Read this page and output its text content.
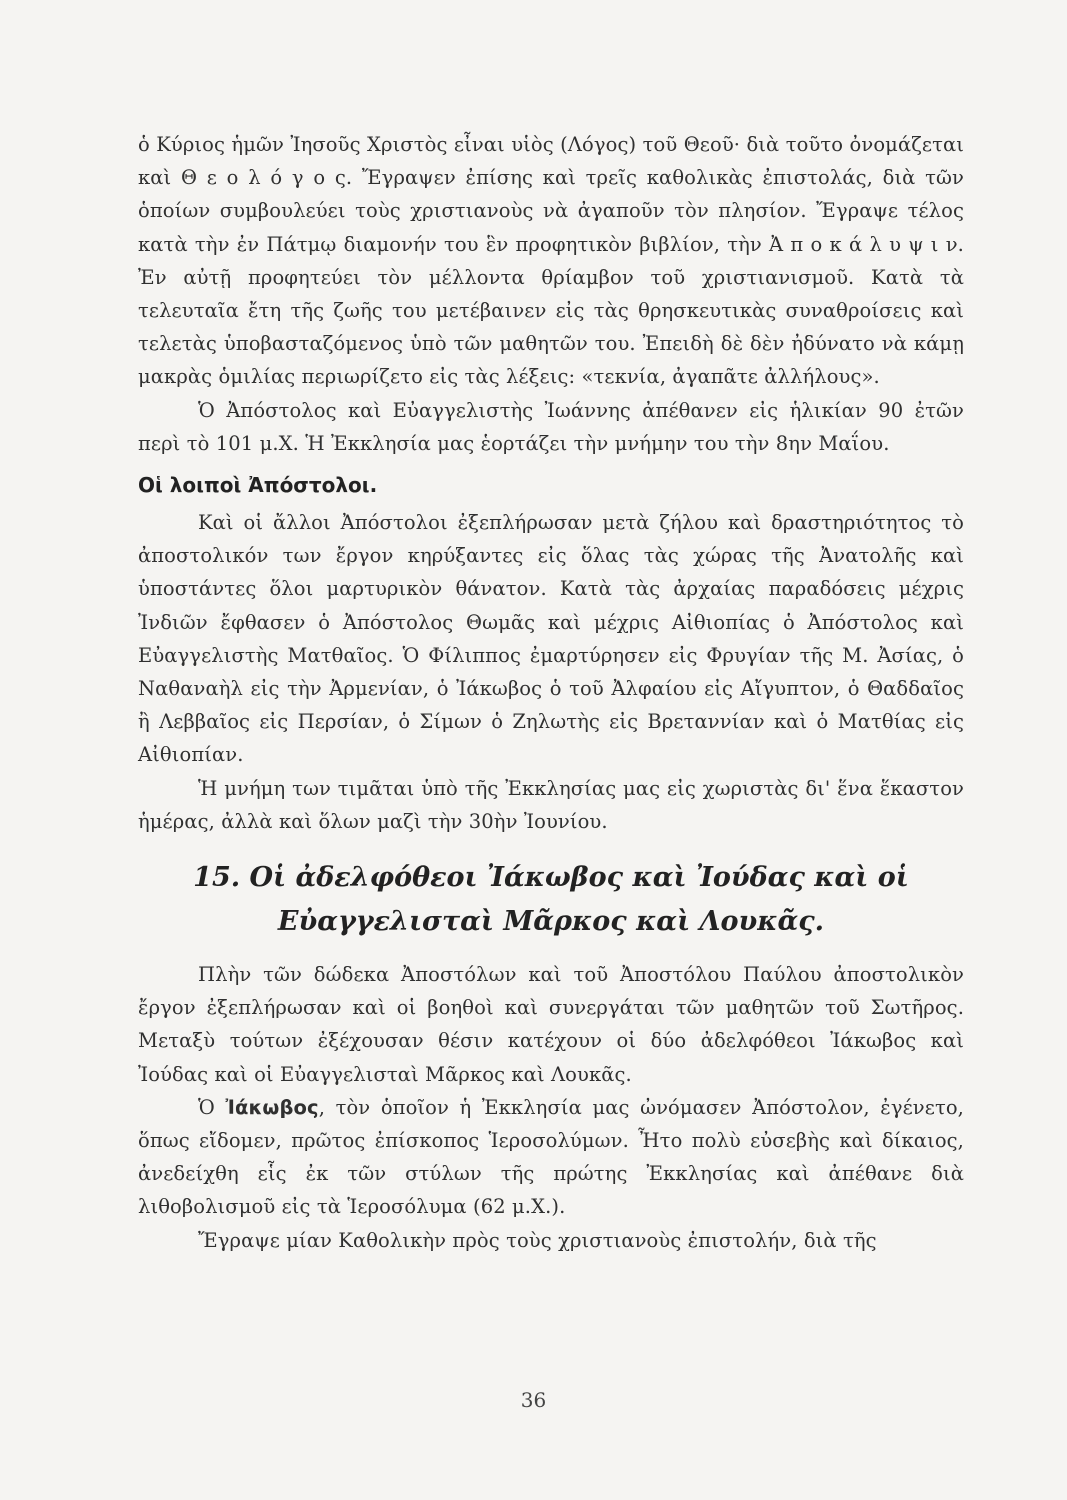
ὁ Κύριος ἡμῶν Ἰησοῦς Χριστὸς εἶναι υἱὸς (Λόγος) τοῦ Θεοῦ· διὰ τοῦτο ὀνομάζεται καὶ Θ ε ο λ ό γ ο ς. Ἔγραψεν ἐπίσης καὶ τρεῖς καθολικὰς ἐπιστολάς, διὰ τῶν ὁποίων συμβουλεύει τοὺς χριστιανοὺς νὰ ἀγαποῦν τὸν πλησίον. Ἔγραψε τέλος κατὰ τὴν ἐν Πάτμῳ διαμονήν του ἓν προφητικὸν βιβλίον, τὴν Ἀ π ο κ ά λ υ ψ ι ν. Ἐν αὐτῇ προφητεύει τὸν μέλλοντα θρίαμβον τοῦ χριστιανισμοῦ. Κατὰ τὰ τελευταῖα ἔτη τῆς ζωῆς του μετέβαινεν εἰς τὰς θρησκευτικὰς συναθροίσεις καὶ τελετὰς ὑποβασταζόμενος ὑπὸ τῶν μαθητῶν του. Ἐπειδὴ δὲ δὲν ἠδύνατο νὰ κάμῃ μακρὰς ὁμιλίας περιωρίζετο εἰς τὰς λέξεις: «τεκνία, ἀγαπᾶτε ἀλλήλους».

Ὁ Ἀπόστολος καὶ Εὐαγγελιστὴς Ἰωάννης ἀπέθανεν εἰς ἡλικίαν 90 ἐτῶν περὶ τὸ 101 μ.Χ. Ἡ Ἐκκλησία μας ἑορτάζει τὴν μνήμην του τὴν 8ην Μαΐου.

Οἱ λοιποὶ Ἀπόστολοι.

Καὶ οἱ ἄλλοι Ἀπόστολοι ἐξεπλήρωσαν μετὰ ζήλου καὶ δραστηριότητος τὸ ἀποστολικόν των ἔργον κηρύξαντες εἰς ὅλας τὰς χώρας τῆς Ἀνατολῆς καὶ ὑποστάντες ὅλοι μαρτυρικὸν θάνατον. Κατὰ τὰς ἀρχαίας παραδόσεις μέχρις Ἰνδιῶν ἔφθασεν ὁ Ἀπόστολος Θωμᾶς καὶ μέχρις Αἰθιοπίας ὁ Ἀπόστολος καὶ Εὐαγγελιστὴς Ματθαῖος. Ὁ Φίλιππος ἐμαρτύρησεν εἰς Φρυγίαν τῆς Μ. Ἀσίας, ὁ Ναθαναὴλ εἰς τὴν Ἀρμενίαν, ὁ Ἰάκωβος ὁ τοῦ Ἀλφαίου εἰς Αἴγυπτον, ὁ Θαδδαῖος ἢ Λεββαῖος εἰς Περσίαν, ὁ Σίμων ὁ Ζηλωτὴς εἰς Βρεταννίαν καὶ ὁ Ματθίας εἰς Αἰθιοπίαν.

Ἡ μνήμη των τιμᾶται ὑπὸ τῆς Ἐκκλησίας μας εἰς χωριστὰς δι' ἕνα ἕκαστον ἡμέρας, ἀλλὰ καὶ ὅλων μαζὶ τὴν 30ὴν Ἰουνίου.

15. Οἱ ἀδελφόθεοι Ἰάκωβος καὶ Ἰούδας καὶ οἱ
Εὐαγγελισταὶ Μᾶρκος καὶ Λουκᾶς.

Πλὴν τῶν δώδεκα Ἀποστόλων καὶ τοῦ Ἀποστόλου Παύλου ἀποστολικὸν ἔργον ἐξεπλήρωσαν καὶ οἱ βοηθοὶ καὶ συνεργάται τῶν μαθητῶν τοῦ Σωτῆρος. Μεταξὺ τούτων ἐξέχουσαν θέσιν κατέχουν οἱ δύο ἀδελφόθεοι Ἰάκωβος καὶ Ἰούδας καὶ οἱ Εὐαγγελισταὶ Μᾶρκος καὶ Λουκᾶς.

Ὁ Ἰάκωβος, τὸν ὁποῖον ἡ Ἐκκλησία μας ὠνόμασεν Ἀπόστολον, ἐγένετο, ὅπως εἴδομεν, πρῶτος ἐπίσκοπος Ἱεροσολύμων. Ἦτο πολὺ εὐσεβὴς καὶ δίκαιος, ἀνεδείχθη εἷς ἐκ τῶν στύλων τῆς πρώτης Ἐκκλησίας καὶ ἀπέθανε διὰ λιθοβολισμοῦ εἰς τὰ Ἱεροσόλυμα (62 μ.Χ.).

Ἔγραψε μίαν Καθολικὴν πρὸς τοὺς χριστιανοὺς ἐπιστολήν, διὰ τῆς

36
